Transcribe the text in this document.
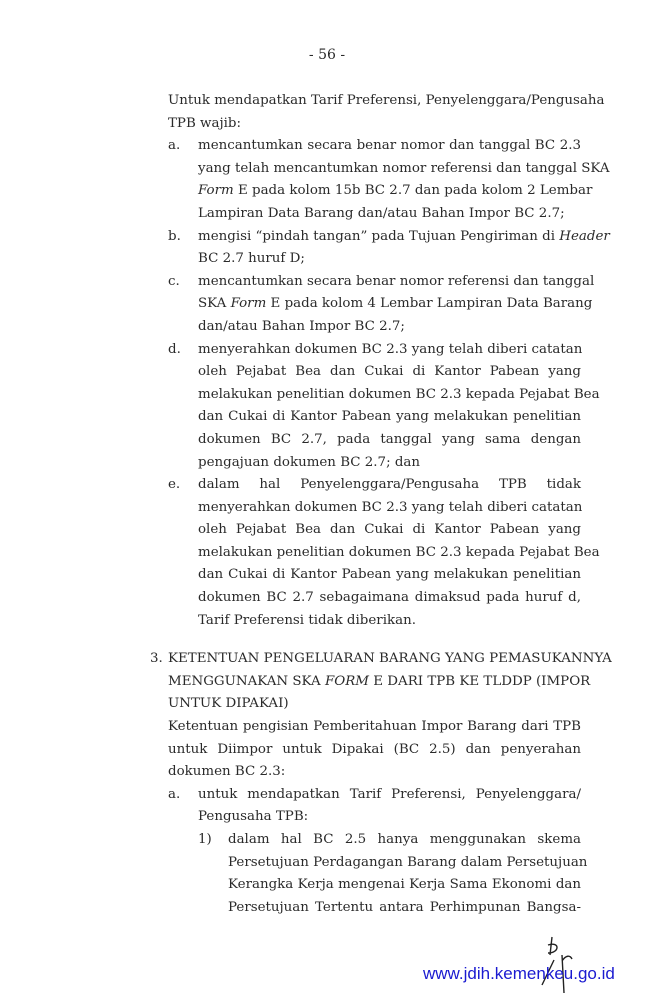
- 56 -
Untuk mendapatkan Tarif Preferensi, Penyelenggara/Pengusaha
TPB wajib:
a. mencantumkan secara benar nomor dan tanggal BC 2.3
yang telah mencantumkan nomor referensi dan tanggal SKA
Form E pada kolom 15b BC 2.7 dan pada kolom 2 Lembar
Lampiran Data Barang dan/atau Bahan Impor BC 2.7;
b. mengisi “pindah tangan” pada Tujuan Pengiriman di Header
BC 2.7 huruf D;
c. mencantumkan secara benar nomor referensi dan tanggal
SKA Form E pada kolom 4 Lembar Lampiran Data Barang
dan/atau Bahan Impor BC 2.7;
d. menyerahkan dokumen BC 2.3 yang telah diberi catatan
oleh Pejabat Bea dan Cukai di Kantor Pabean yang
melakukan penelitian dokumen BC 2.3 kepada Pejabat Bea
dan Cukai di Kantor Pabean yang melakukan penelitian
dokumen BC 2.7, pada tanggal yang sama dengan
pengajuan dokumen BC 2.7; dan
e. dalam hal Penyelenggara/Pengusaha TPB tidak
menyerahkan dokumen BC 2.3 yang telah diberi catatan
oleh Pejabat Bea dan Cukai di Kantor Pabean yang
melakukan penelitian dokumen BC 2.3 kepada Pejabat Bea
dan Cukai di Kantor Pabean yang melakukan penelitian
dokumen BC 2.7 sebagaimana dimaksud pada huruf d,
Tarif Preferensi tidak diberikan.
3. KETENTUAN PENGELUARAN BARANG YANG PEMASUKANNYA
MENGGUNAKAN SKA FORM E DARI TPB KE TLDDP (IMPOR
UNTUK DIPAKAI)
Ketentuan pengisian Pemberitahuan Impor Barang dari TPB
untuk Diimpor untuk Dipakai (BC 2.5) dan penyerahan
dokumen BC 2.3:
a. untuk mendapatkan Tarif Preferensi, Penyelenggara/
Pengusaha TPB:
1) dalam hal BC 2.5 hanya menggunakan skema
Persetujuan Perdagangan Barang dalam Persetujuan
Kerangka Kerja mengenai Kerja Sama Ekonomi dan
Persetujuan Tertentu antara Perhimpunan Bangsa-
www.jdih.kemenkeu.go.id
